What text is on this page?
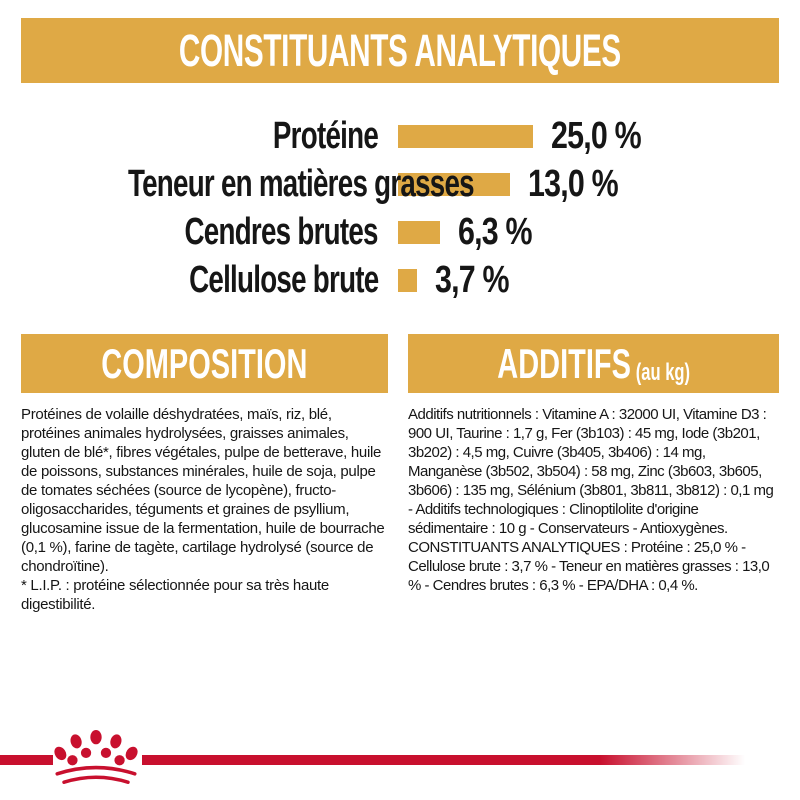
CONSTITUANTS ANALYTIQUES
Protéine	25,0 %
Teneur en matières grasses 13,0 %
Cendres brutes 6,3 %
Cellulose brute 3,7 %
COMPOSITION

Protéines de volaille déshydratées, maïs, riz, blé, protéines animales hydrolysées, graisses animales, gluten de blé*, fibres végétales, pulpe de betterave, huile de poissons, substances minérales, huile de soja, pulpe de tomates séchées (source de lycopène), fructo-oligosaccharides, téguments et graines de psyllium, glucosamine issue de la fermentation, huile de bourrache (0,1 %), farine de tagète, cartilage hydrolysé (source de chondroïtine).

* L.I.P. : protéine sélectionnée pour sa très haute digestibilité.

ADDITIFS (au kg)

Additifs nutritionnels : Vitamine A : 32000 UI, Vitamine D3 : 900 UI, Taurine : 1,7 g, Fer (3b103) : 45 mg, Iode (3b201, 3b202) : 4,5 mg, Cuivre (3b405, 3b406) : 14 mg, Manganèse (3b502, 3b504) : 58 mg, Zinc (3b603, 3b605, 3b606) : 135 mg, Sélénium (3b801, 3b811, 3b812) : 0,1 mg - Additifs technologiques : Clinoptilolite d'origine sédimentaire : 10 g - Conservateurs - Antioxygènes.

CONSTITUANTS ANALYTIQUES : Protéine : 25,0 % - Cellulose brute : 3,7 % - Teneur en matières grasses : 13,0 % - Cendres brutes : 6,3 % - EPA/DHA : 0,4 %.
